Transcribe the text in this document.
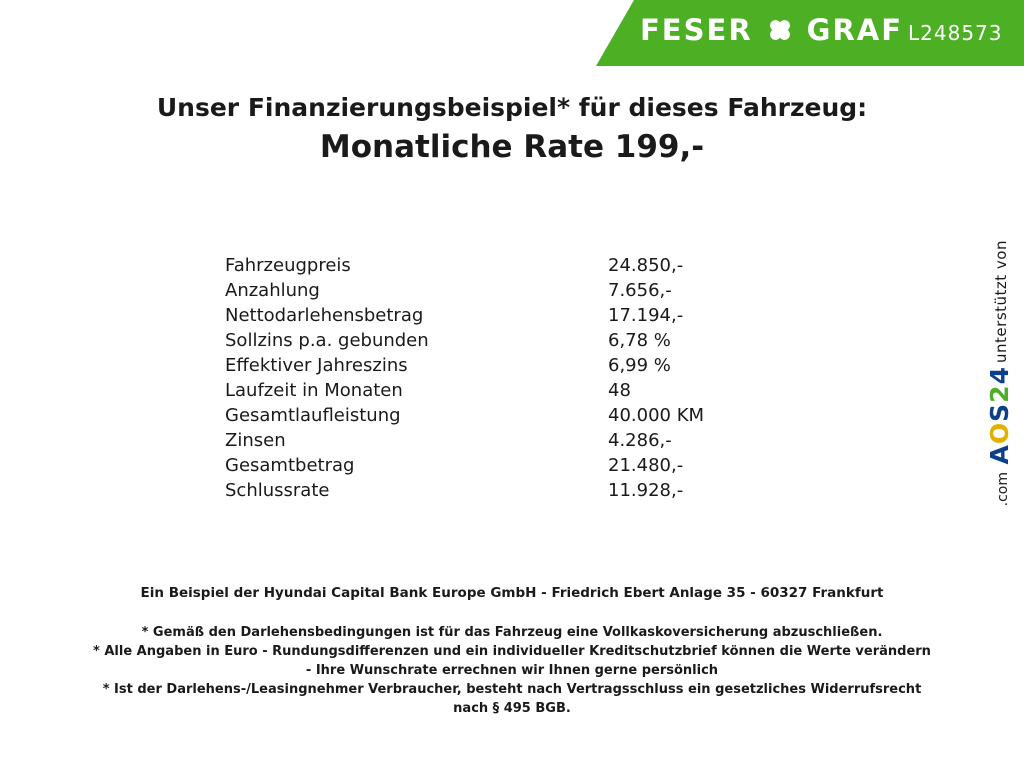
FESER GRAF L248573
Unser Finanzierungsbeispiel* für dieses Fahrzeug:
Monatliche Rate 199,-
Fahrzeugpreis	24.850,-
Anzahlung	7.656,-
Nettodarlehensbetrag	17.194,-
Sollzins p.a. gebunden	6,78 %
Effektiver Jahreszins	6,99 %
Laufzeit in Monaten	48
Gesamtlaufleistung	40.000 KM
Zinsen	4.286,-
Gesamtbetrag	21.480,-
Schlussrate	11.928,-
Ein Beispiel der Hyundai Capital Bank Europe GmbH - Friedrich Ebert Anlage 35 - 60327 Frankfurt
* Gemäß den Darlehensbedingungen ist für das Fahrzeug eine Vollkaskoversicherung abzuschließen.
* Alle Angaben in Euro - Rundungsdifferenzen und ein individueller Kreditschutzbrief können die Werte verändern
- Ihre Wunschrate errechnen wir Ihnen gerne persönlich
* Ist der Darlehens-/Leasingnehmer Verbraucher, besteht nach Vertragsschluss ein gesetzliches Widerrufsrecht
nach § 495 BGB.
unterstützt von
AOS24
.com
